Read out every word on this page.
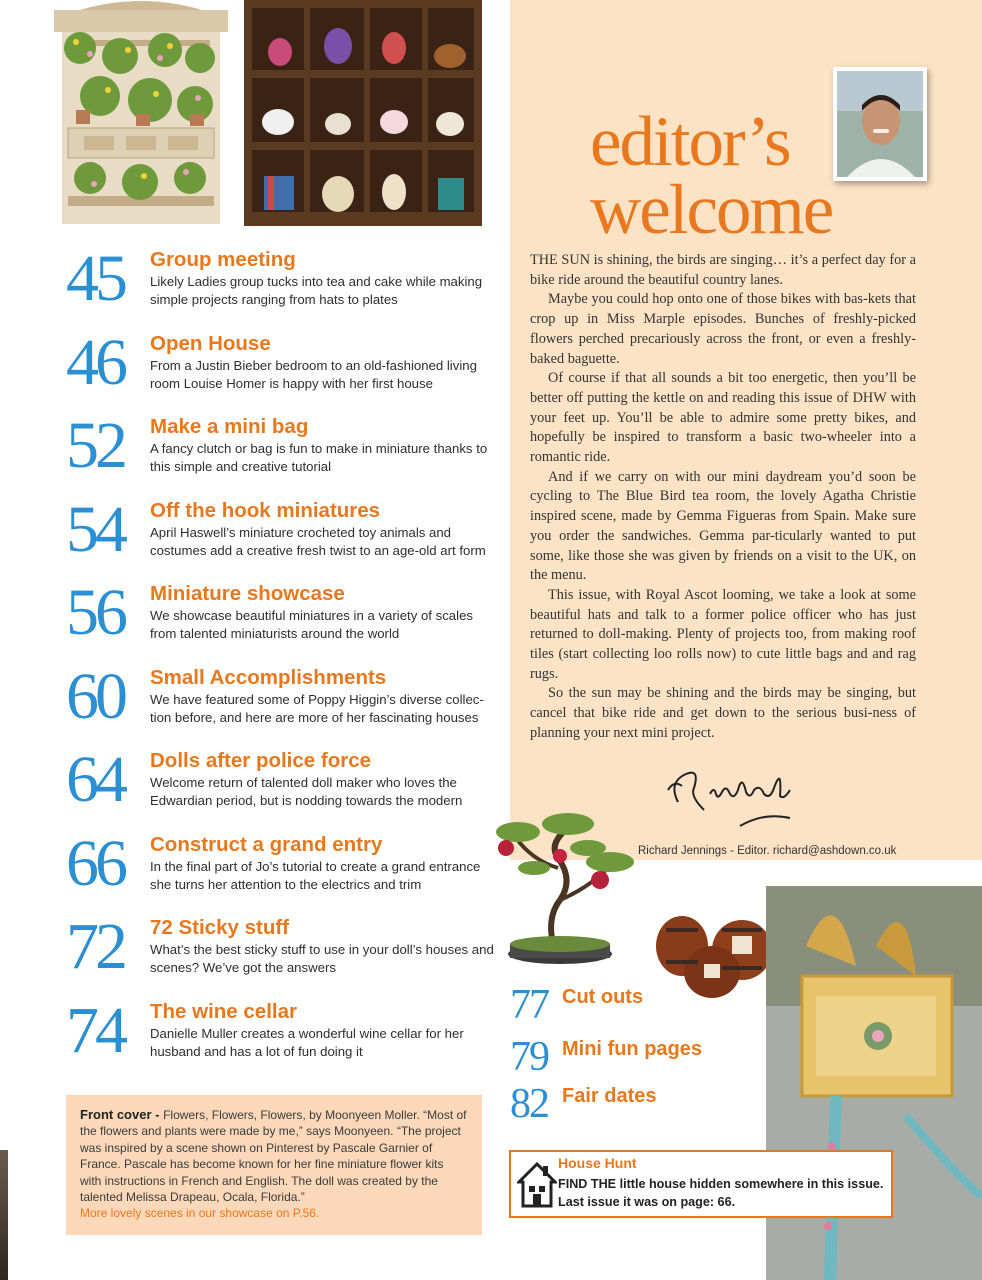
45 Group meeting
Likely Ladies group tucks into tea and cake while making simple projects ranging from hats to plates
46 Open House
From a Justin Bieber bedroom to an old-fashioned living room Louise Homer is happy with her first house
52 Make a mini bag
A fancy clutch or bag is fun to make in miniature thanks to this simple and creative tutorial
54 Off the hook miniatures
April Haswell’s miniature crocheted toy animals and costumes add a creative fresh twist to an age-old art form
56 Miniature showcase
We showcase beautiful miniatures in a variety of scales from talented miniaturists around the world
60 Small Accomplishments
We have featured some of Poppy Higgin’s diverse collec-tion before, and here are more of her fascinating houses
64 Dolls after police force
Welcome return of talented doll maker who loves the Edwardian period, but is nodding towards the modern
66 Construct a grand entry
In the final part of Jo’s tutorial to create a grand entrance she turns her attention to the electrics and trim
72 72 Sticky stuff
What’s the best sticky stuff to use in your doll’s houses and scenes? We’ve got the answers
74 The wine cellar
Danielle Muller creates a wonderful wine cellar for her husband and has a lot of fun doing it
Front cover - Flowers, Flowers, Flowers, by Moonyeen Moller. “Most of the flowers and plants were made by me,” says Moonyeen. “The project was inspired by a scene shown on Pinterest by Pascale Garnier of France. Pascale has become known for her fine miniature flower kits with instructions in French and English. The doll was created by the talented Melissa Drapeau, Ocala, Florida.”
More lovely scenes in our showcase on P.56.
editor’s
welcome

THE SUN is shining, the birds are singing… it’s a perfect day for a bike ride around the beautiful country lanes.

Maybe you could hop onto one of those bikes with bas-kets that crop up in Miss Marple episodes. Bunches of freshly-picked flowers perched precariously across the front, or even a freshly-baked baguette.

Of course if that all sounds a bit too energetic, then you’ll be better off putting the kettle on and reading this issue of DHW with your feet up. You’ll be able to admire some pretty bikes, and hopefully be inspired to transform a basic two-wheeler into a romantic ride.

And if we carry on with our mini daydream you’d soon be cycling to The Blue Bird tea room, the lovely Agatha Christie inspired scene, made by Gemma Figueras from Spain. Make sure you order the sandwiches. Gemma par-ticularly wanted to put some, like those she was given by friends on a visit to the UK, on the menu.

This issue, with Royal Ascot looming, we take a look at some beautiful hats and talk to a former police officer who has just returned to doll-making. Plenty of projects too, from making roof tiles (start collecting loo rolls now) to cute little bags and and rag rugs.

So the sun may be shining and the birds may be singing, but cancel that bike ride and get down to the serious busi-ness of planning your next mini project.

Richard Jennings - Editor. richard@ashdown.co.uk
77 Cut outs
79 Mini fun pages
82 Fair dates
House Hunt
FIND THE little house hidden somewhere in this issue. Last issue it was on page: 66.
